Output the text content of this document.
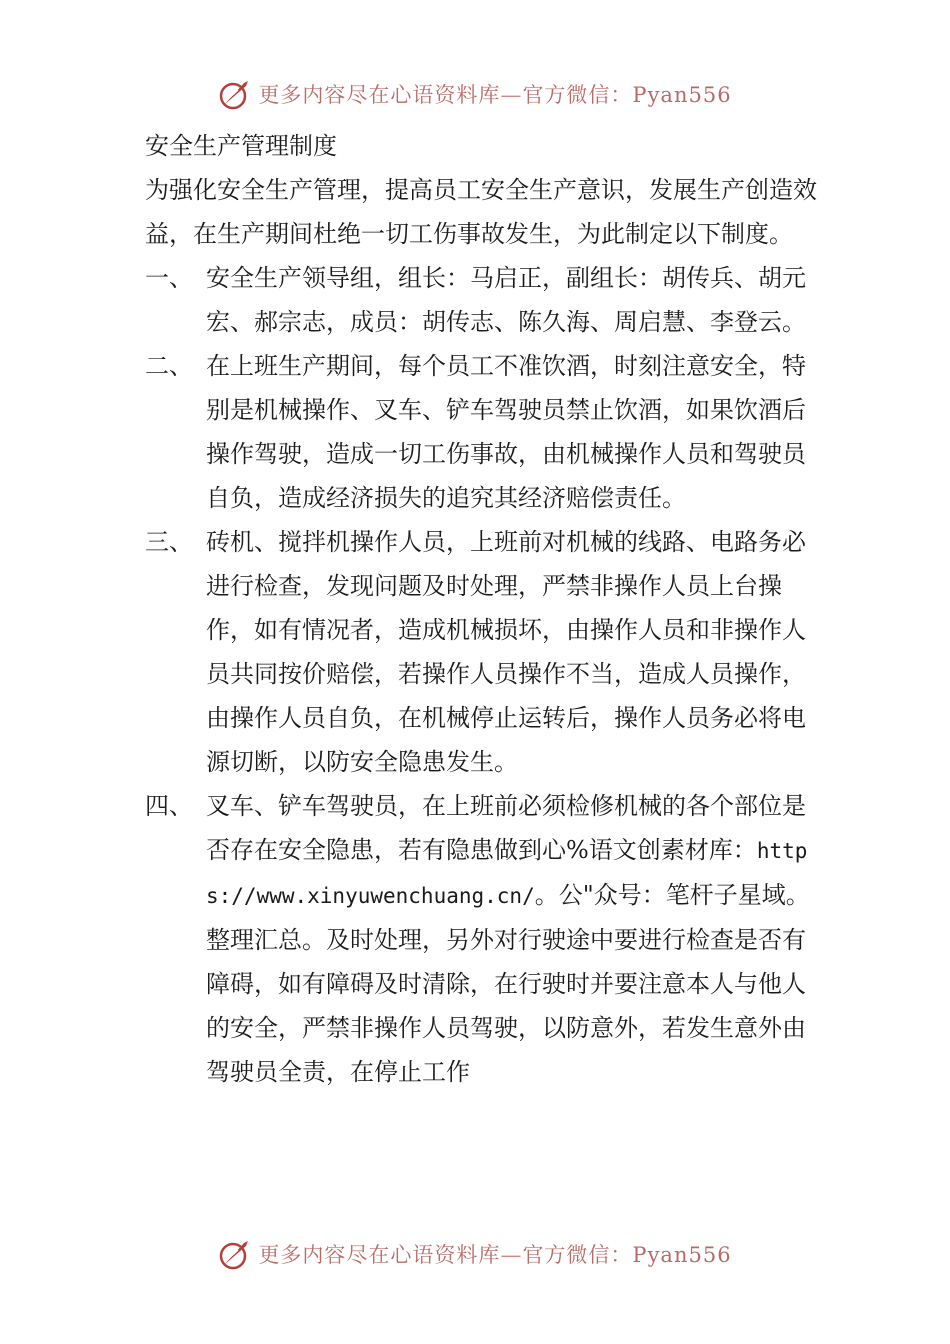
更多内容尽在心语资料库—官方微信：Pyan556
安全生产管理制度

为强化安全生产管理，提高员工安全生产意识，发展生产创造效益，在生产期间杜绝一切工伤事故发生，为此制定以下制度。

一、 安全生产领导组，组长：马启正，副组长：胡传兵、胡元宏、郝宗志，成员：胡传志、陈久海、周启慧、李登云。
二、 在上班生产期间，每个员工不准饮酒，时刻注意安全，特别是机械操作、叉车、铲车驾驶员禁止饮酒，如果饮酒后操作驾驶，造成一切工伤事故，由机械操作人员和驾驶员自负，造成经济损失的追究其经济赔偿责任。
三、 砖机、搅拌机操作人员，上班前对机械的线路、电路务必进行检查，发现问题及时处理，严禁非操作人员上台操作，如有情况者，造成机械损坏，由操作人员和非操作人员共同按价赔偿，若操作人员操作不当，造成人员操作，由操作人员自负，在机械停止运转后，操作人员务必将电源切断，以防安全隐患发生。
四、 叉车、铲车驾驶员，在上班前必须检修机械的各个部位是否存在安全隐患，若有隐患做到心%语文创素材库：https://www.xinyuwenchuang.cn/。公"众号：笔杆子星域。整理汇总。及时处理，另外对行驶途中要进行检查是否有障碍，如有障碍及时清除，在行驶时并要注意本人与他人的安全，严禁非操作人员驾驶，以防意外，若发生意外由驾驶员全责，在停止工作
更多内容尽在心语资料库—官方微信：Pyan556
